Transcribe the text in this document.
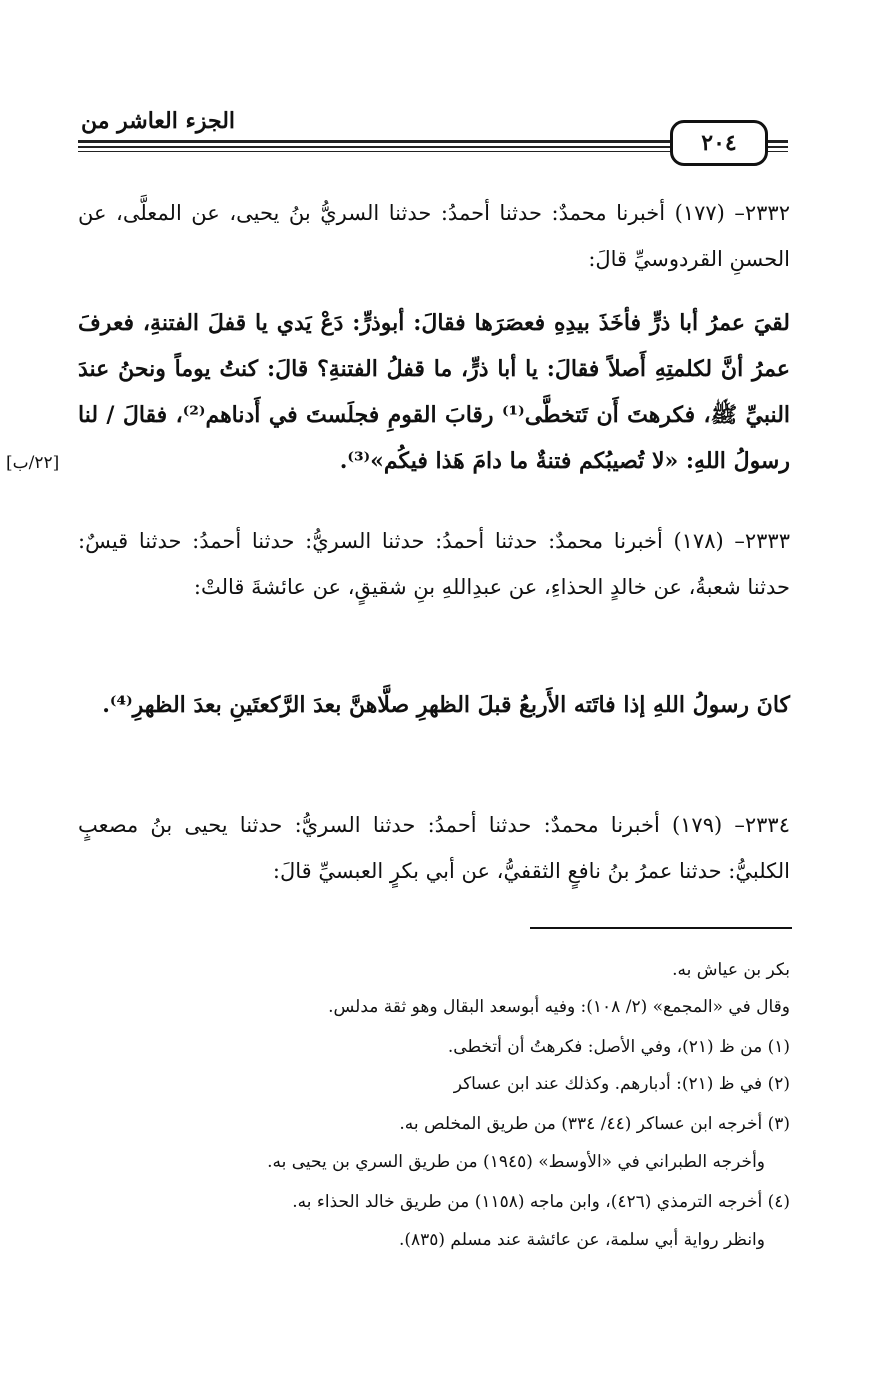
الجزء العاشر من
٢٠٤

٢٣٣٢– (١٧٧) أخبرنا محمدٌ: حدثنا أحمدُ: حدثنا السريُّ بنُ يحيى، عن المعلَّى، عن الحسنِ القردوسيِّ قالَ:

لقيَ عمرُ أبا ذرٍّ فأخَذَ بيدِهِ فعصَرَها فقالَ: أبوذرٍّ: دَعْ يَدي يا قفلَ الفتنةِ، فعرفَ عمرُ أنَّ لكلمتِهِ أَصلاً فقالَ: يا أبا ذرٍّ، ما قفلُ الفتنةِ؟ قالَ: كنتُ يوماً ونحنُ عندَ النبيِّ ﷺ، فكرهتَ أَن تَتخطَّى⁽¹⁾ رقابَ القومِ فجلَستَ في أَدناهم⁽²⁾، فقالَ / لنا رسولُ اللهِ: «لا تُصيبُكم فتنةٌ ما دامَ هَذا فيكُم»⁽³⁾.

[٢٢/ب]

٢٣٣٣– (١٧٨) أخبرنا محمدٌ: حدثنا أحمدُ: حدثنا السريُّ: حدثنا أحمدُ: حدثنا قيسٌ: حدثنا شعبةُ، عن خالدٍ الحذاءِ، عن عبدِاللهِ بنِ شقيقٍ، عن عائشةَ قالتْ:

كانَ رسولُ اللهِ إذا فاتَته الأَربعُ قبلَ الظهرِ صلَّاهنَّ بعدَ الرَّكعتَينِ بعدَ الظهرِ⁽⁴⁾.

٢٣٣٤– (١٧٩) أخبرنا محمدٌ: حدثنا أحمدُ: حدثنا السريُّ: حدثنا يحيى بنُ مصعبٍ الكلبيُّ: حدثنا عمرُ بنُ نافعٍ الثقفيُّ، عن أبي بكرٍ العبسيِّ قالَ:

بكر بن عياش به.

وقال في «المجمع» (٢/ ١٠٨): وفيه أبوسعد البقال وهو ثقة مدلس.

(١) من ظ (٢١)، وفي الأصل: فكرهتُ أن أتخطى.

(٢) في ظ (٢١): أدبارهم. وكذلك عند ابن عساكر

(٣) أخرجه ابن عساكر (٤٤/ ٣٣٤) من طريق المخلص به.

وأخرجه الطبراني في «الأوسط» (١٩٤٥) من طريق السري بن يحيى به.

(٤) أخرجه الترمذي (٤٢٦)، وابن ماجه (١١٥٨) من طريق خالد الحذاء به.

وانظر رواية أبي سلمة، عن عائشة عند مسلم (٨٣٥).
